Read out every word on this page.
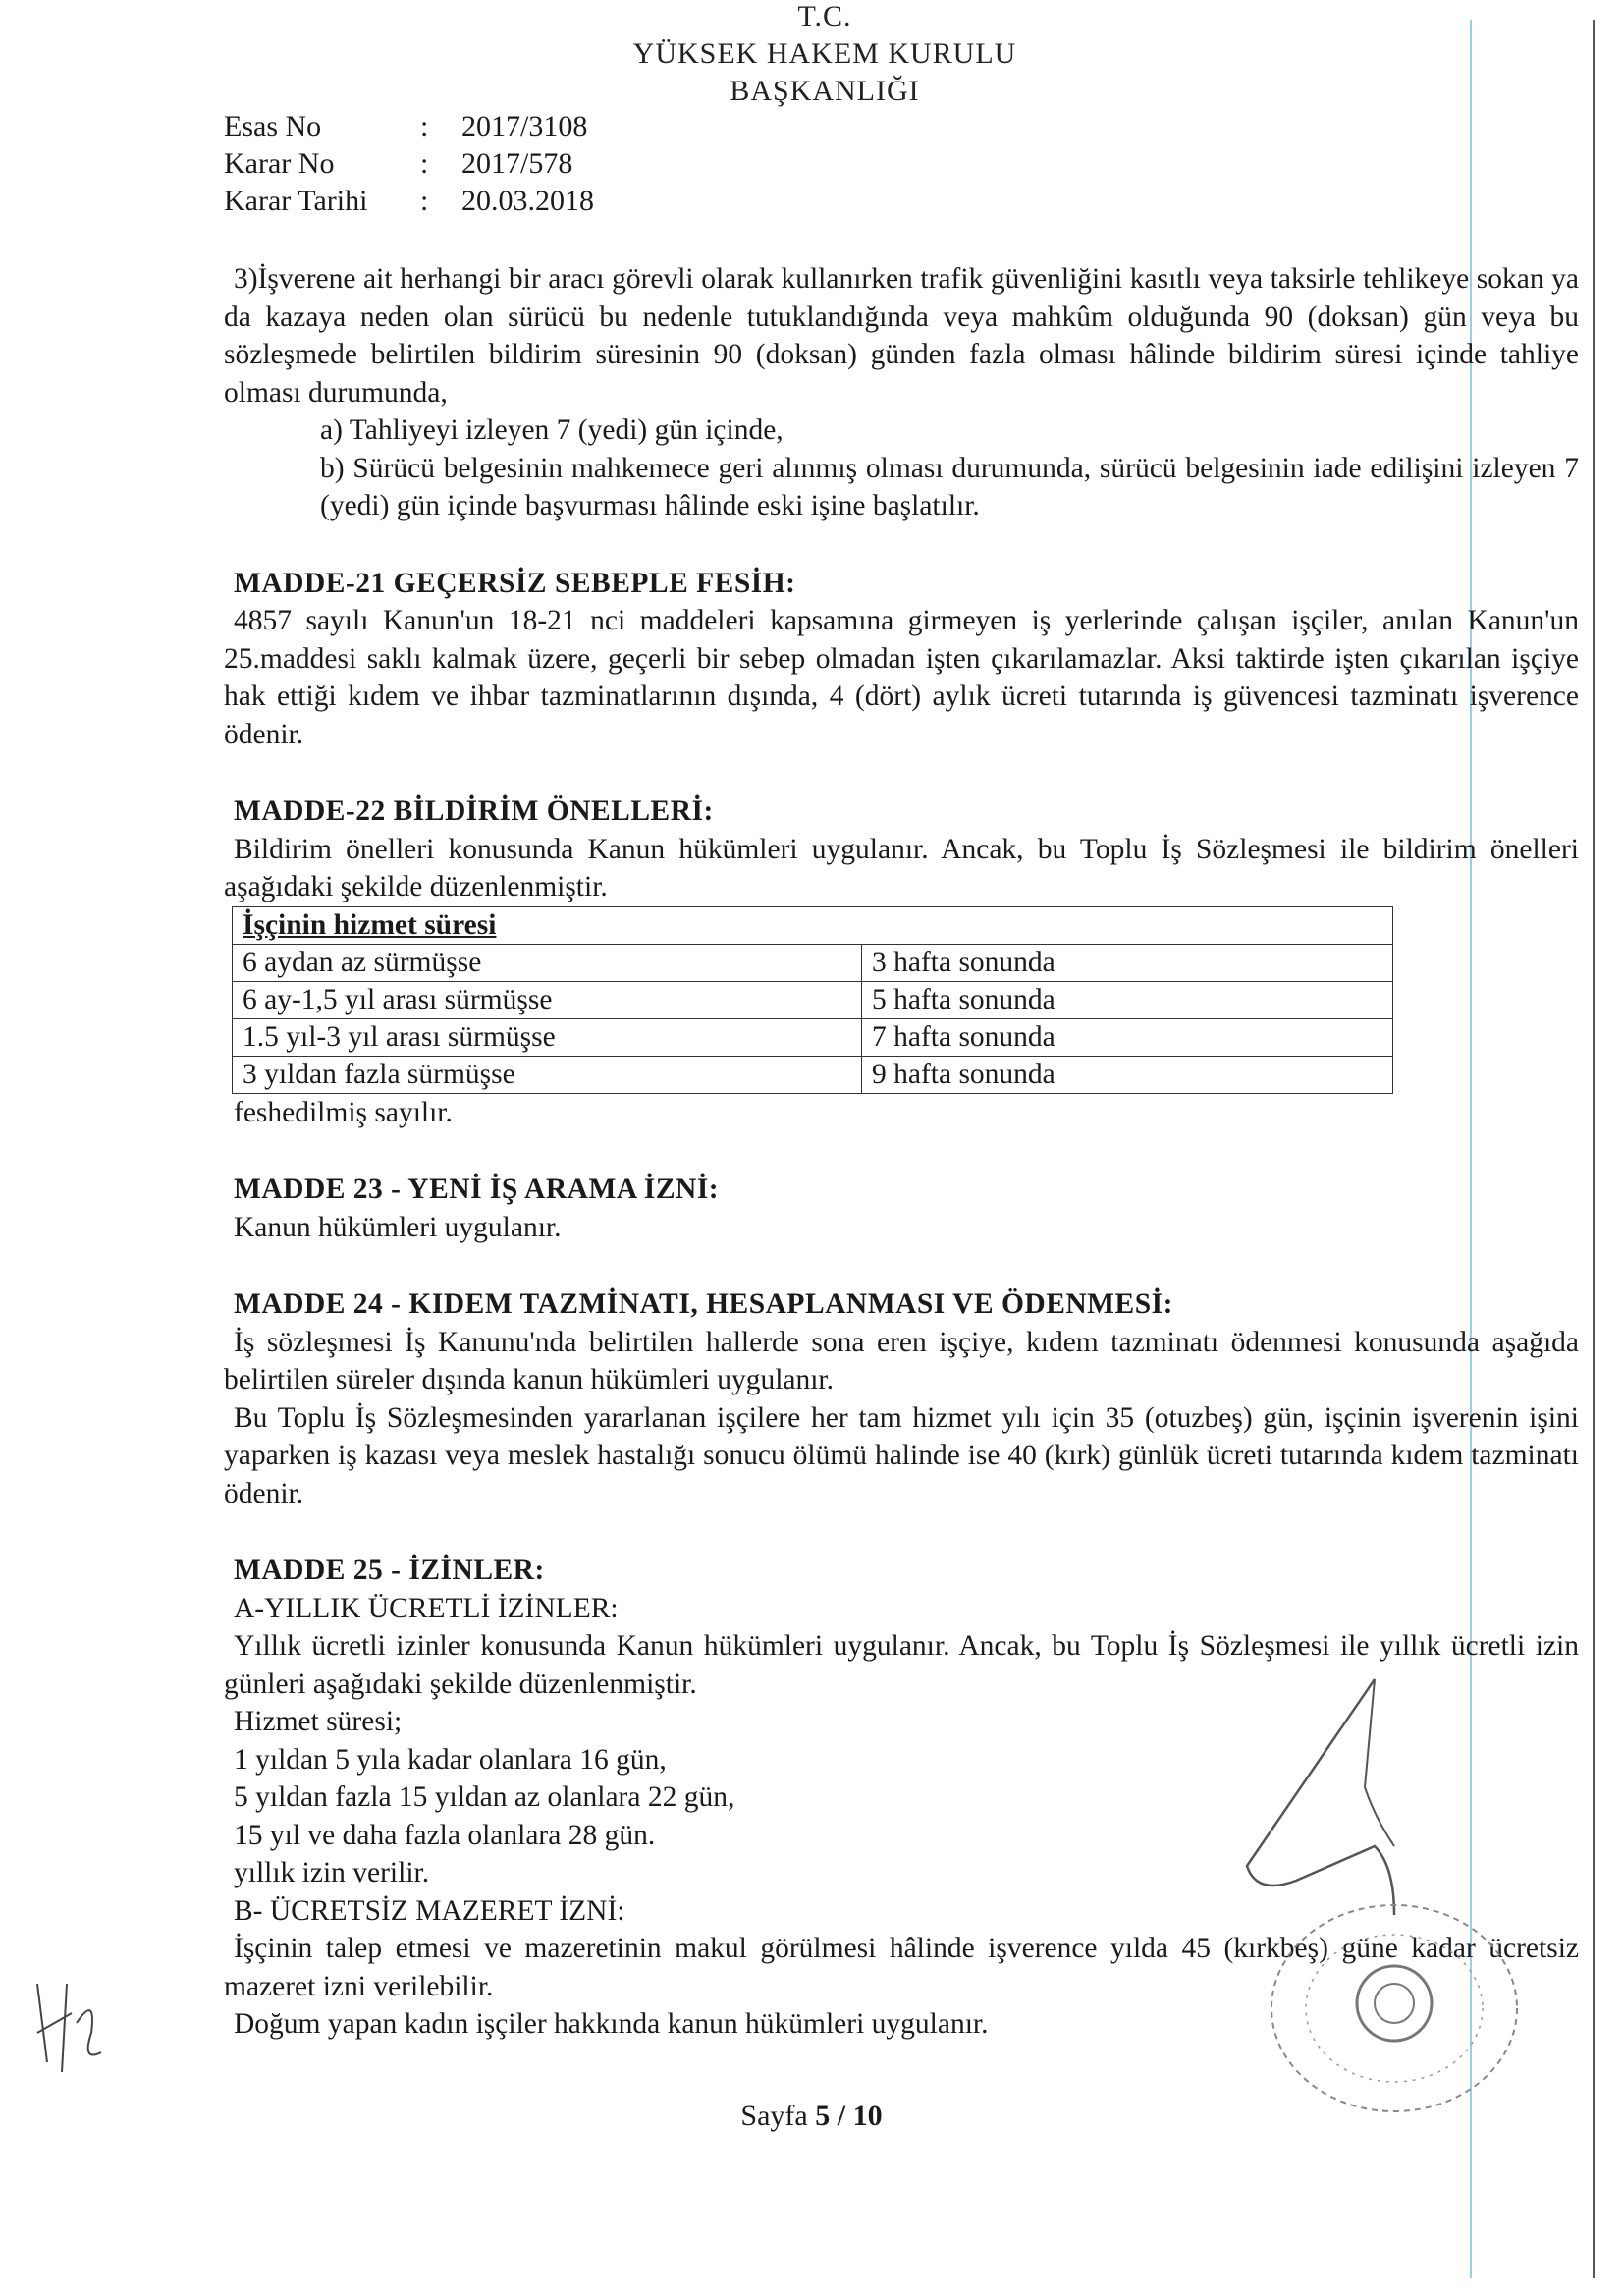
T.C.
YÜKSEK HAKEM KURULU
BAŞKANLIĞI
Esas No	: 2017/3108
Karar No	: 2017/578
Karar Tarihi : 20.03.2018

3)İşverene ait herhangi bir aracı görevli olarak kullanırken trafik güvenliğini kasıtlı veya taksirle tehlikeye sokan ya da kazaya neden olan sürücü bu nedenle tutuklandığında veya mahkûm olduğunda 90 (doksan) gün veya bu sözleşmede belirtilen bildirim süresinin 90 (doksan) günden fazla olması hâlinde bildirim süresi içinde tahliye olması durumunda,

a) Tahliyeyi izleyen 7 (yedi) gün içinde,

b) Sürücü belgesinin mahkemece geri alınmış olması durumunda, sürücü belgesinin iade edilişini izleyen 7 (yedi) gün içinde başvurması hâlinde eski işine başlatılır.

MADDE-21 GEÇERSİZ SEBEPLE FESİH:

4857 sayılı Kanun'un 18-21 nci maddeleri kapsamına girmeyen iş yerlerinde çalışan işçiler, anılan Kanun'un 25.maddesi saklı kalmak üzere, geçerli bir sebep olmadan işten çıkarılamazlar. Aksi taktirde işten çıkarılan işçiye hak ettiği kıdem ve ihbar tazminatlarının dışında, 4 (dört) aylık ücreti tutarında iş güvencesi tazminatı işverence ödenir.

MADDE-22 BİLDİRİM ÖNELLERİ:

Bildirim önelleri konusunda Kanun hükümleri uygulanır. Ancak, bu Toplu İş Sözleşmesi ile bildirim önelleri aşağıdaki şekilde düzenlenmiştir.

İşçinin hizmet süresi	
6 aydan az sürmüşse	3 hafta sonunda
6 ay-1,5 yıl arası sürmüşse	5 hafta sonunda
1.5 yıl-3 yıl arası sürmüşse	7 hafta sonunda
3 yıldan fazla sürmüşse	9 hafta sonunda

feshedilmiş sayılır.

MADDE 23 - YENİ İŞ ARAMA İZNİ:

Kanun hükümleri uygulanır.

MADDE 24 - KIDEM TAZMİNATI, HESAPLANMASI VE ÖDENMESİ:

İş sözleşmesi İş Kanunu'nda belirtilen hallerde sona eren işçiye, kıdem tazminatı ödenmesi konusunda aşağıda belirtilen süreler dışında kanun hükümleri uygulanır.

Bu Toplu İş Sözleşmesinden yararlanan işçilere her tam hizmet yılı için 35 (otuzbeş) gün, işçinin işverenin işini yaparken iş kazası veya meslek hastalığı sonucu ölümü halinde ise 40 (kırk) günlük ücreti tutarında kıdem tazminatı ödenir.

MADDE 25 - İZİNLER:

A-YILLIK ÜCRETLİ İZİNLER:

Yıllık ücretli izinler konusunda Kanun hükümleri uygulanır. Ancak, bu Toplu İş Sözleşmesi ile yıllık ücretli izin günleri aşağıdaki şekilde düzenlenmiştir.

Hizmet süresi;

1 yıldan 5 yıla kadar olanlara 16 gün,

5 yıldan fazla 15 yıldan az olanlara 22 gün,

15 yıl ve daha fazla olanlara 28 gün.

yıllık izin verilir.

B- ÜCRETSİZ MAZERET İZNİ:

İşçinin talep etmesi ve mazeretinin makul görülmesi hâlinde işverence yılda 45 (kırkbeş) güne kadar ücretsiz mazeret izni verilebilir.

Doğum yapan kadın işçiler hakkında kanun hükümleri uygulanır.

Sayfa 5 / 10
